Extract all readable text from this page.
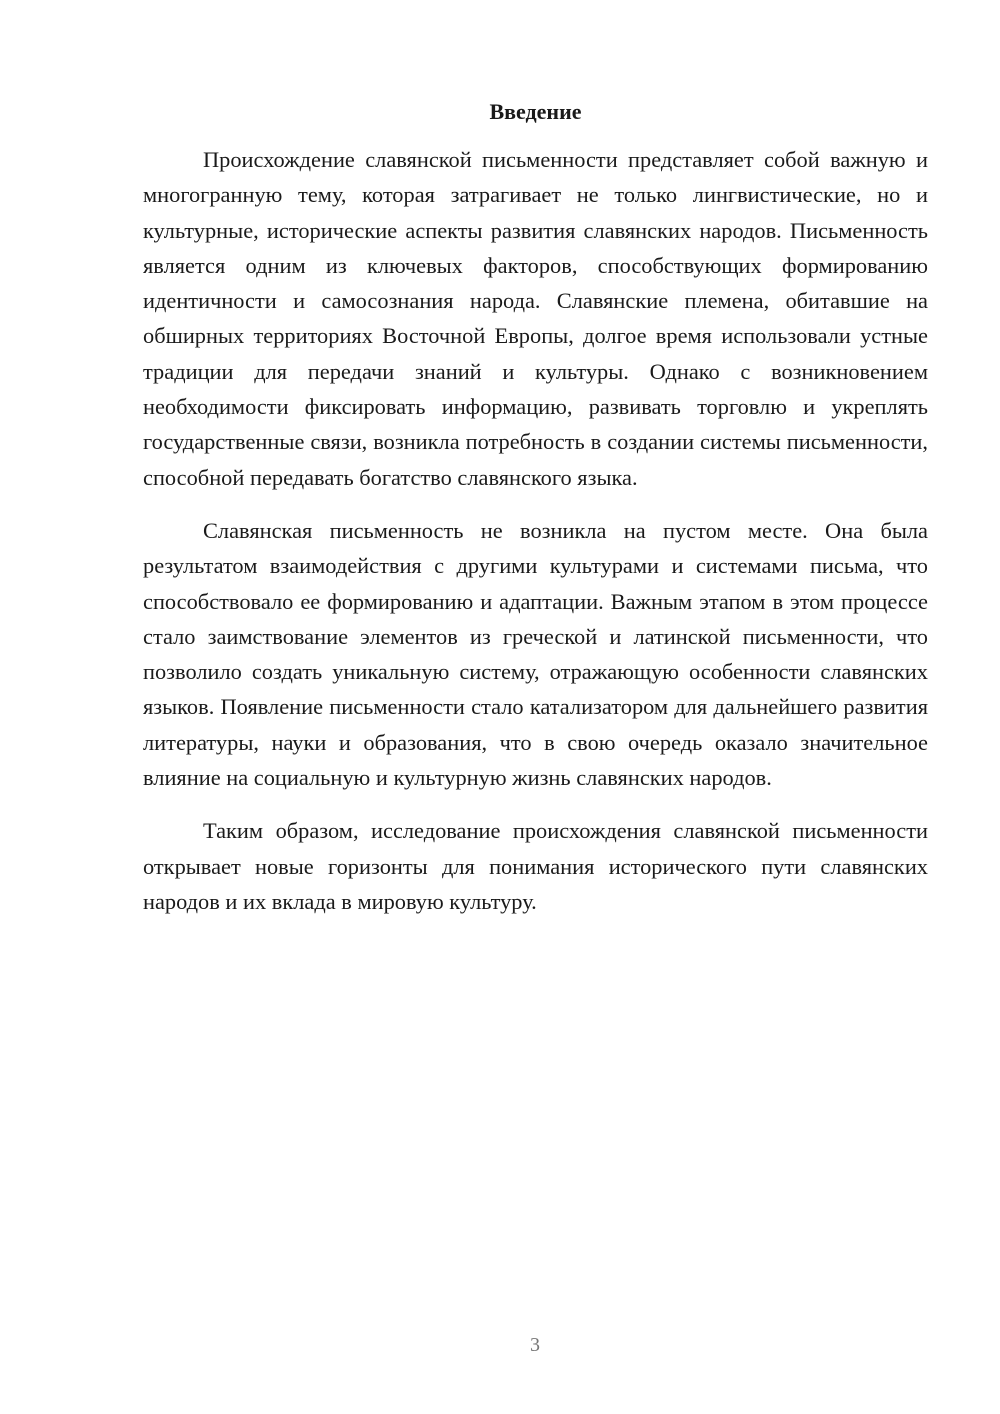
Введение

Происхождение славянской письменности представляет собой важную и многогранную тему, которая затрагивает не только лингвистические, но и культурные, исторические аспекты развития славянских народов. Письменность является одним из ключевых факторов, способствующих формированию идентичности и самосознания народа. Славянские племена, обитавшие на обширных территориях Восточной Европы, долгое время использовали устные традиции для передачи знаний и культуры. Однако с возникновением необходимости фиксировать информацию, развивать торговлю и укреплять государственные связи, возникла потребность в создании системы письменности, способной передавать богатство славянского языка.

Славянская письменность не возникла на пустом месте. Она была результатом взаимодействия с другими культурами и системами письма, что способствовало ее формированию и адаптации. Важным этапом в этом процессе стало заимствование элементов из греческой и латинской письменности, что позволило создать уникальную систему, отражающую особенности славянских языков. Появление письменности стало катализатором для дальнейшего развития литературы, науки и образования, что в свою очередь оказало значительное влияние на социальную и культурную жизнь славянских народов.

Таким образом, исследование происхождения славянской письменности открывает новые горизонты для понимания исторического пути славянских народов и их вклада в мировую культуру.

3
